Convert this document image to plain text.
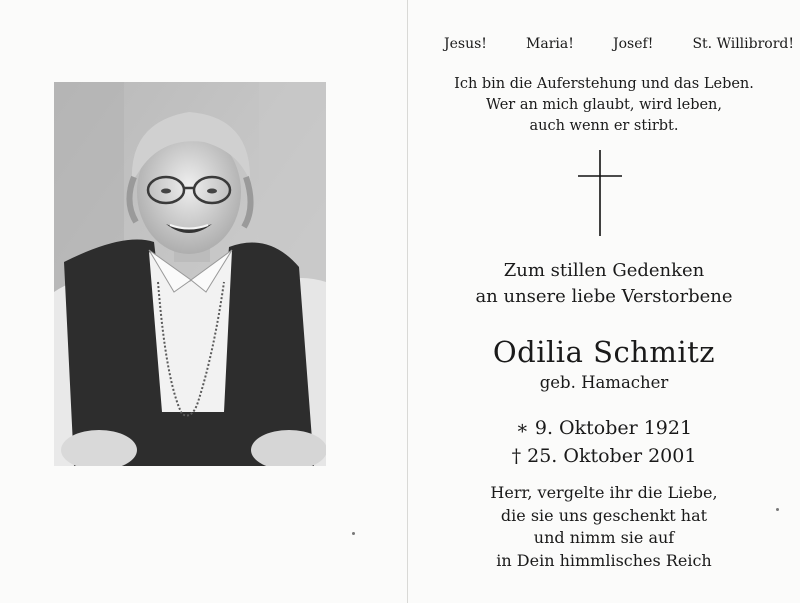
Jesus!	Maria!	Josef!	St. Willibrord!
Ich bin die Auferstehung und das Leben.
Wer an mich glaubt, wird leben,
auch wenn er stirbt.
Zum stillen Gedenken
an unsere liebe Verstorbene
Odilia Schmitz
geb. Hamacher
∗ 9. Oktober 1921
† 25. Oktober 2001
Herr, vergelte ihr die Liebe,
die sie uns geschenkt hat
und nimm sie auf
in Dein himmlisches Reich
